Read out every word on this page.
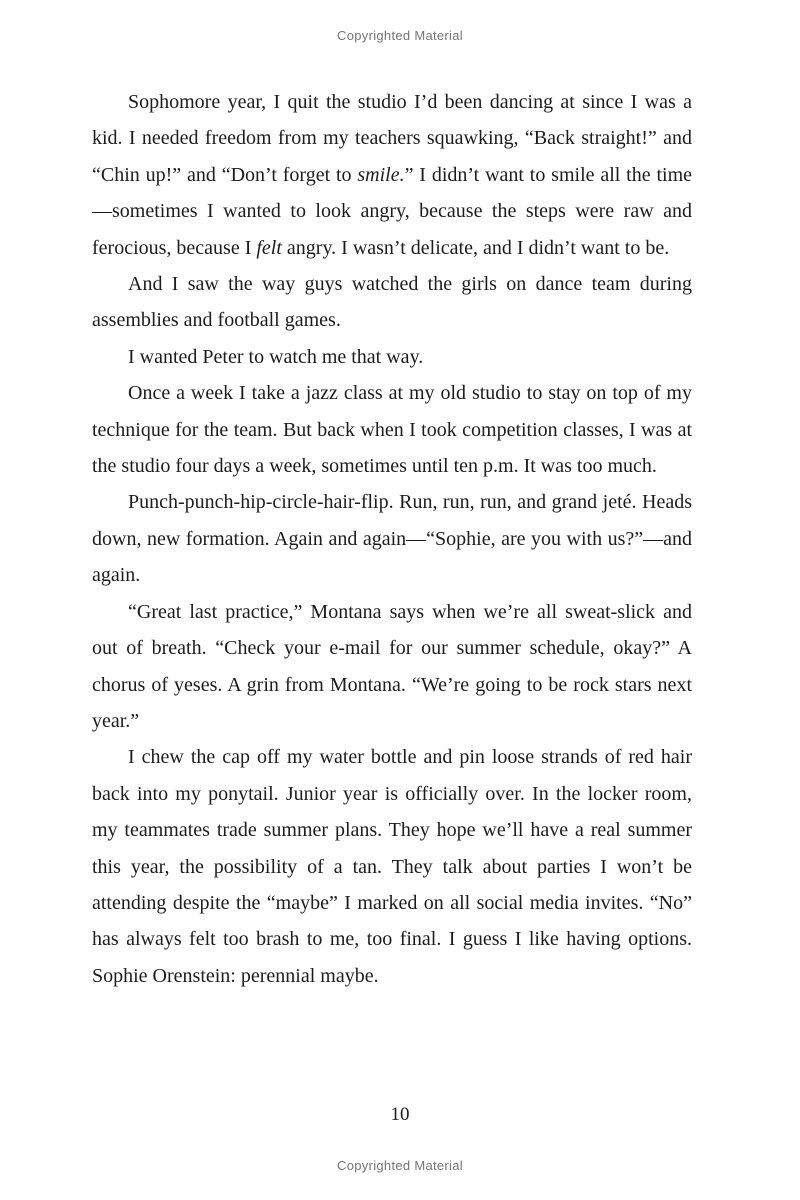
Copyrighted Material

Sophomore year, I quit the studio I’d been dancing at since I was a kid. I needed freedom from my teachers squawking, “Back straight!” and “Chin up!” and “Don’t forget to smile.” I didn’t want to smile all the time—sometimes I wanted to look angry, because the steps were raw and ferocious, because I felt angry. I wasn’t delicate, and I didn’t want to be.

And I saw the way guys watched the girls on dance team during assemblies and football games.

I wanted Peter to watch me that way.

Once a week I take a jazz class at my old studio to stay on top of my technique for the team. But back when I took competition classes, I was at the studio four days a week, sometimes until ten p.m. It was too much.

Punch-punch-hip-circle-hair-flip. Run, run, run, and grand jeté. Heads down, new formation. Again and again—“Sophie, are you with us?”—and again.

“Great last practice,” Montana says when we’re all sweat-slick and out of breath. “Check your e-mail for our summer schedule, okay?” A chorus of yeses. A grin from Montana. “We’re going to be rock stars next year.”

I chew the cap off my water bottle and pin loose strands of red hair back into my ponytail. Junior year is officially over. In the locker room, my teammates trade summer plans. They hope we’ll have a real summer this year, the possibility of a tan. They talk about parties I won’t be attending despite the “maybe” I marked on all social media invites. “No” has always felt too brash to me, too final. I guess I like having options. Sophie Orenstein: perennial maybe.

10
Copyrighted Material
